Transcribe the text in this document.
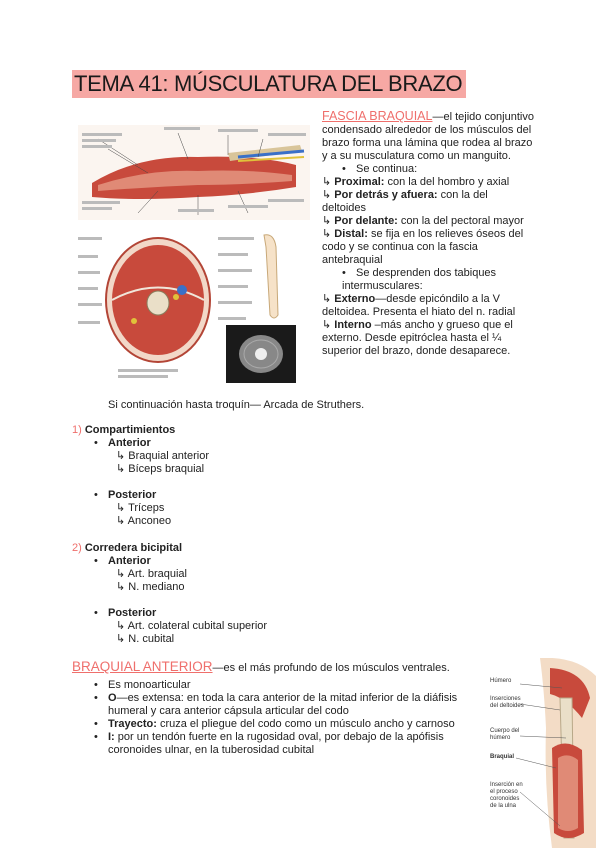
TEMA 41: MÚSCULATURA DEL BRAZO

FASCIA BRAQUIAL—el tejido conjuntivo condensado alrededor de los músculos del brazo forma una lámina que rodea al brazo y a su musculatura como un manguito.

• Se continua:

↳ Proximal: con la del hombro y axial

↳ Por detrás y afuera: con la del deltoides

↳ Por delante: con la del pectoral mayor

↳ Distal: se fija en los relieves óseos del codo y se continua con la fascia antebraquial

• Se desprenden dos tabiques intermusculares:

↳ Externo—desde epicóndilo a la V deltoidea. Presenta el hiato del n. radial

↳ Interno –más ancho y grueso que el externo. Desde epitróclea hasta el ¼ superior del brazo, donde desaparece.

Si continuación hasta troquín— Arcada de Struthers.
1) Compartimientos
• Anterior
↳ Braquial anterior
↳ Bíceps braquial
• Posterior
↳ Tríceps
↳ Anconeo
2) Corredera bicipital
• Anterior
↳ Art. braquial
↳ N. mediano
• Posterior
↳ Art. colateral cubital superior
↳ N. cubital
BRAQUIAL ANTERIOR—es el más profundo de los músculos ventrales.
• Es monoarticular
• O—es extensa: en toda la cara anterior de la mitad inferior de la diáfisis humeral y cara anterior cápsula articular del codo
• Trayecto: cruza el pliegue del codo como un músculo ancho y carnoso
• I: por un tendón fuerte en la rugosidad oval, por debajo de la apófisis coronoides ulnar, en la tuberosidad cubital
Húmero
Inserciones del deltoides
Cuerpo del húmero
Braquial
Inserción en el proceso coronoides de la ulna
